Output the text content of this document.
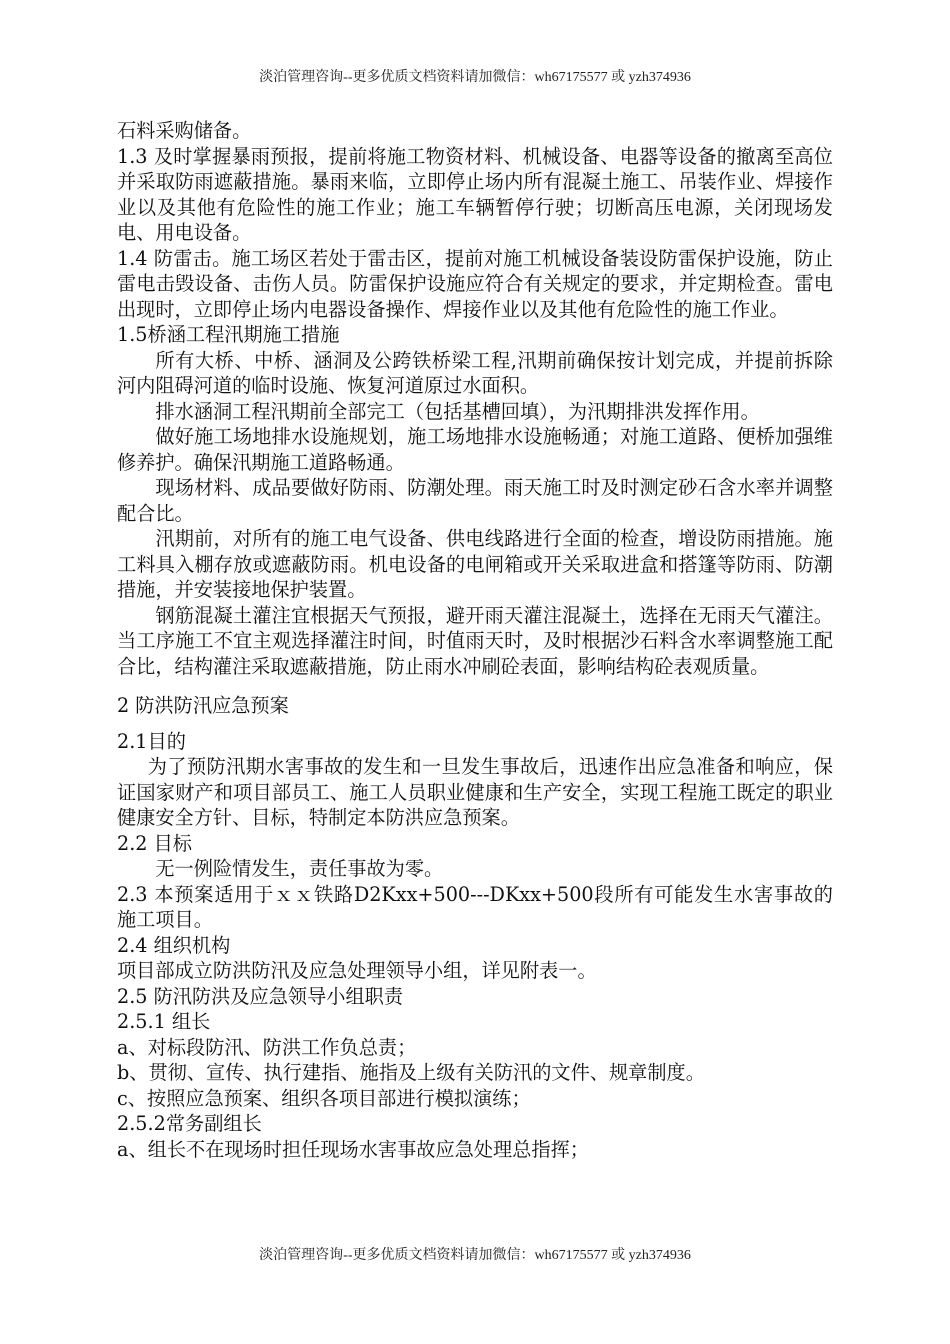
淡泊管理咨询--更多优质文档资料请加微信：wh67175577 或 yzh374936

石料采购储备。

1.3 及时掌握暴雨预报，提前将施工物资材料、机械设备、电器等设备的撤离至高位并采取防雨遮蔽措施。暴雨来临，立即停止场内所有混凝土施工、吊装作业、焊接作业以及其他有危险性的施工作业；施工车辆暂停行驶；切断高压电源，关闭现场发电、用电设备。

1.4 防雷击。施工场区若处于雷击区，提前对施工机械设备装设防雷保护设施，防止雷电击毁设备、击伤人员。防雷保护设施应符合有关规定的要求，并定期检查。雷电出现时，立即停止场内电器设备操作、焊接作业以及其他有危险性的施工作业。

1.5桥涵工程汛期施工措施

所有大桥、中桥、涵洞及公跨铁桥梁工程,汛期前确保按计划完成，并提前拆除河内阻碍河道的临时设施、恢复河道原过水面积。

排水涵洞工程汛期前全部完工（包括基槽回填），为汛期排洪发挥作用。

做好施工场地排水设施规划，施工场地排水设施畅通；对施工道路、便桥加强维修养护。确保汛期施工道路畅通。

现场材料、成品要做好防雨、防潮处理。雨天施工时及时测定砂石含水率并调整配合比。

汛期前，对所有的施工电气设备、供电线路进行全面的检查，增设防雨措施。施工料具入棚存放或遮蔽防雨。机电设备的电闸箱或开关采取进盒和搭篷等防雨、防潮措施，并安装接地保护装置。

钢筋混凝土灌注宜根据天气预报，避开雨天灌注混凝土，选择在无雨天气灌注。当工序施工不宜主观选择灌注时间，时值雨天时，及时根据沙石料含水率调整施工配合比，结构灌注采取遮蔽措施，防止雨水冲刷砼表面，影响结构砼表观质量。

2 防洪防汛应急预案

2.1目的

为了预防汛期水害事故的发生和一旦发生事故后，迅速作出应急准备和响应，保证国家财产和项目部员工、施工人员职业健康和生产安全，实现工程施工既定的职业健康安全方针、目标，特制定本防洪应急预案。

2.2 目标

无一例险情发生，责任事故为零。

2.3 本预案适用于ｘｘ铁路D2Kxx+500---DKxx+500段所有可能发生水害事故的施工项目。

2.4 组织机构

项目部成立防洪防汛及应急处理领导小组，详见附表一。

2.5 防汛防洪及应急领导小组职责

2.5.1 组长

a、对标段防汛、防洪工作负总责；

b、贯彻、宣传、执行建指、施指及上级有关防汛的文件、规章制度。

c、按照应急预案、组织各项目部进行模拟演练；

2.5.2常务副组长

a、组长不在现场时担任现场水害事故应急处理总指挥；

淡泊管理咨询--更多优质文档资料请加微信：wh67175577 或 yzh374936
